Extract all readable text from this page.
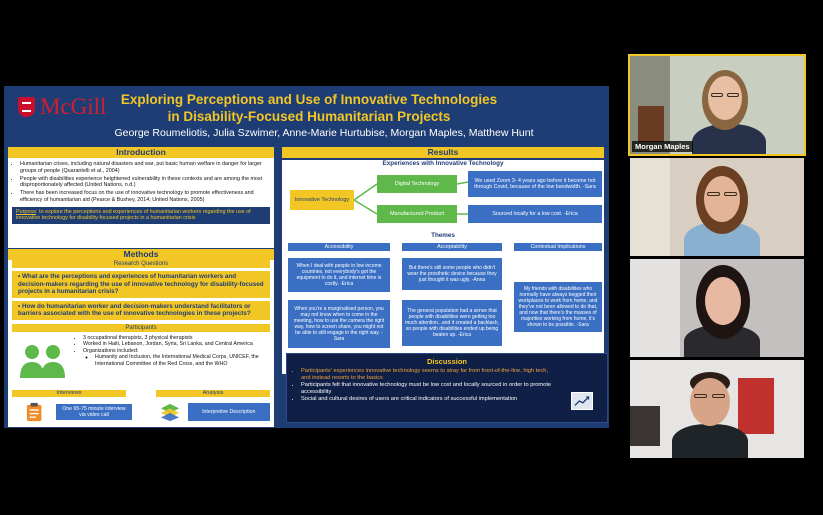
McGill	Exploring Perceptions and Use of Innovative Technologies
in Disability-Focused Humanitarian Projects
George Roumeliotis, Julia Szwimer, Anne-Marie Hurtubise, Morgan Maples, Matthew Hunt
Introduction
• Humanitarian crises, including natural disasters and war, put basic human welfare in danger for larger groups of people (Quarantelli et al., 2004)
• People with disabilities experience heightened vulnerability in these contexts and are among the most disproportionately affected (United Nations, n.d.)
• There has been increased focus on the use of innovative technology to promote effectiveness and efficiency of humanitarian aid (Pearce & Bushey, 2014; United Nations, 2005)
Purpose: to explore the perceptions and experiences of humanitarian workers regarding the use of innovative technology for disability-focused projects in a humanitarian crisis
Methods
Research Questions
• What are the perceptions and experiences of humanitarian workers and decision-makers regarding the use of innovative technology for disability-focused projects in a humanitarian crisis?
• How do humanitarian worker and decision-makers understand facilitators or barriers associated with the use of innovative technologies in these projects?
Participants
• 3 occupational therapists, 3 physical therapists
• Worked in Haiti, Lebanon, Jordan, Syria, Sri Lanka, and Central America
• Organizations included:
◦ Humanity and Inclusion, the International Medical Corps, UNICEF, the International Committee of the Red Cross, and the WHO
Interviews	Analysis
One 65-75 minute interview via video call	Interpretive Description
Results
Experiences with Innovative Technology
Innovative Technology
Digital Technology
Manufactured Product
We used Zoom 3- 4 years ago before it become hot through Covid, because of the low bandwidth. -Sara
Sourced locally for a low cost. -Erica
Themes
Accessibility	Acceptability	Contextual Implications
When I deal with people in low income countries, not everybody's got the equipment to do it, and internet time is costly. -Erica
When you're a marginalised person, you may not know when to come in the meeting, how to use the camera the right way, how to screen share, you might not be able to still engage in the right way. -Sara
But there's still some people who didn't wear the prosthetic device because they just thought it was ugly. -Anna
The general population had a sense that people with disabilities were getting too much attention...and it created a backlash, so people with disabilities ended up being beaten up. -Erica
My friends with disabilities who normally have always begged their workplaces to work from home, and they've not been allowed to do that, and now that there's the masses of majorities working from home, it's shown to be possible. -Sara
Discussion
• Participants' experiences innovative technology seems to stray far from front-of-the-line, high tech, and instead resorts to the basics
• Participants felt that innovative technology must be low cost and locally sourced in order to promote accessibility
• Social and cultural desires of users are critical indicators of successful implementation
Morgan Maples
